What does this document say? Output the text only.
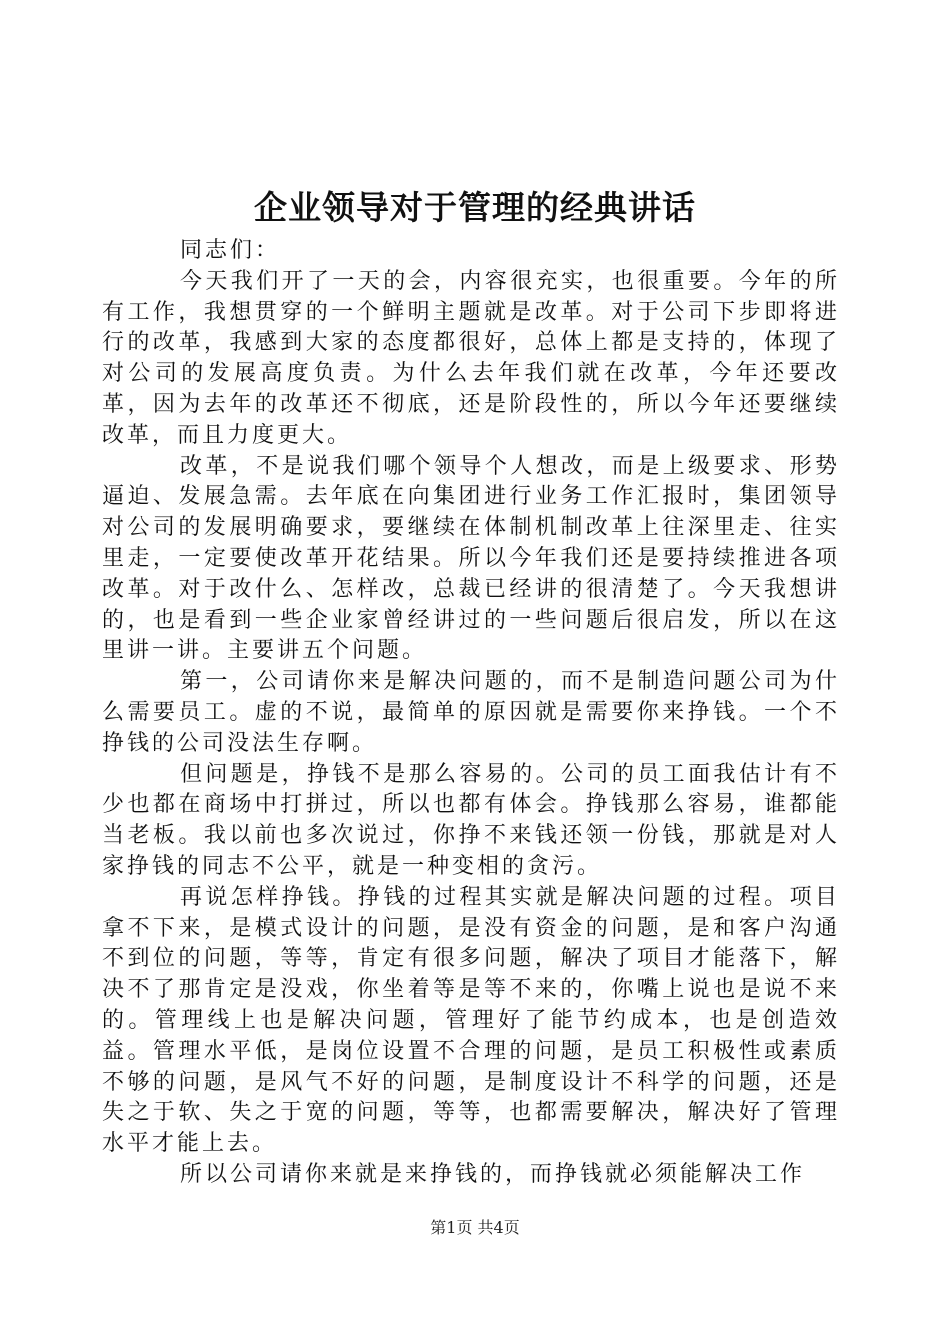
企业领导对于管理的经典讲话

同志们：

今天我们开了一天的会，内容很充实，也很重要。今年的所有工作，我想贯穿的一个鲜明主题就是改革。对于公司下步即将进行的改革，我感到大家的态度都很好，总体上都是支持的，体现了对公司的发展高度负责。为什么去年我们就在改革，今年还要改革，因为去年的改革还不彻底，还是阶段性的，所以今年还要继续改革，而且力度更大。

改革，不是说我们哪个领导个人想改，而是上级要求、形势逼迫、发展急需。去年底在向集团进行业务工作汇报时，集团领导对公司的发展明确要求，要继续在体制机制改革上往深里走、往实里走，一定要使改革开花结果。所以今年我们还是要持续推进各项改革。对于改什么、怎样改，总裁已经讲的很清楚了。今天我想讲的，也是看到一些企业家曾经讲过的一些问题后很启发，所以在这里讲一讲。主要讲五个问题。

第一，公司请你来是解决问题的，而不是制造问题公司为什么需要员工。虚的不说，最简单的原因就是需要你来挣钱。一个不挣钱的公司没法生存啊。

但问题是，挣钱不是那么容易的。公司的员工面我估计有不少也都在商场中打拼过，所以也都有体会。挣钱那么容易，谁都能当老板。我以前也多次说过，你挣不来钱还领一份钱，那就是对人家挣钱的同志不公平，就是一种变相的贪污。

再说怎样挣钱。挣钱的过程其实就是解决问题的过程。项目拿不下来，是模式设计的问题，是没有资金的问题，是和客户沟通不到位的问题，等等，肯定有很多问题，解决了项目才能落下，解决不了那肯定是没戏，你坐着等是等不来的，你嘴上说也是说不来的。管理线上也是解决问题，管理好了能节约成本，也是创造效益。管理水平低，是岗位设置不合理的问题，是员工积极性或素质不够的问题，是风气不好的问题，是制度设计不科学的问题，还是失之于软、失之于宽的问题，等等，也都需要解决，解决好了管理水平才能上去。

所以公司请你来就是来挣钱的，而挣钱就必须能解决工作

第1页 共4页
